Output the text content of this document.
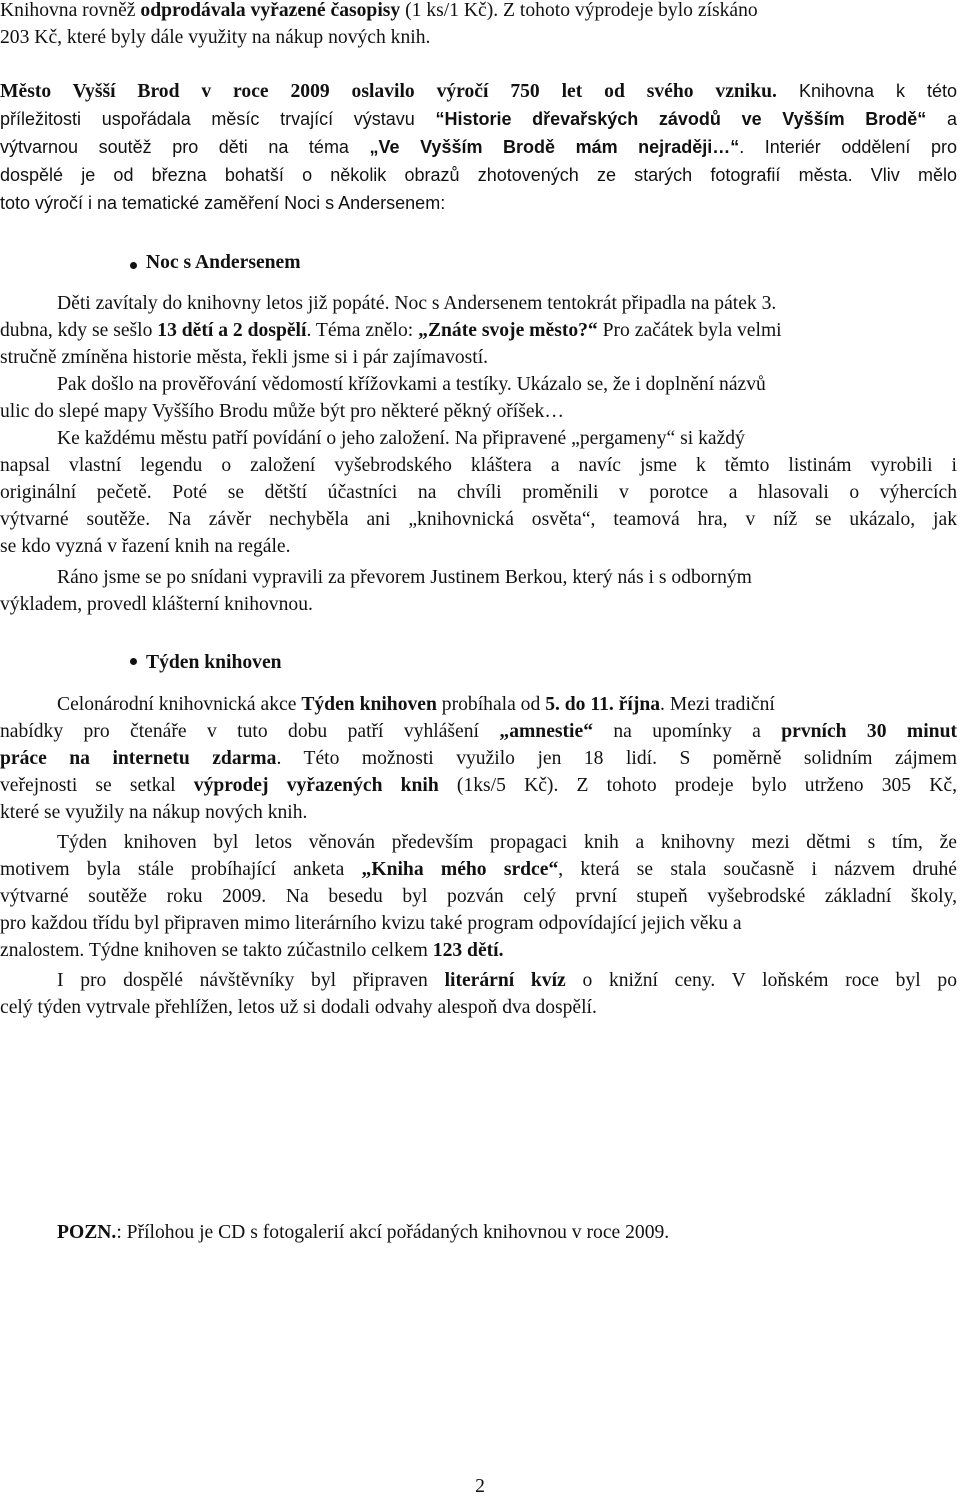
Knihovna rovněž odprodávala vyřazené časopisy (1 ks/1 Kč). Z tohoto výprodeje bylo získáno
203 Kč, které byly dále využity na nákup nových knih.
Město Vyšší Brod v roce 2009 oslavilo výročí 750 let od svého vzniku. Knihovna k této
příležitosti uspořádala měsíc trvající výstavu “Historie dřevařských závodů ve Vyšším Brodě“ a
výtvarnou soutěž pro děti na téma „Ve Vyšším Brodě mám nejraději…“. Interiér oddělení pro
dospělé je od března bohatší o několik obrazů zhotovených ze starých fotografií města. Vliv mělo
toto výročí i na tematické zaměření Noci s Andersenem:
Noc s Andersenem
Děti zavítaly do knihovny letos již popáté. Noc s Andersenem tentokrát připadla na pátek 3.
dubna, kdy se sešlo 13 dětí a 2 dospělí. Téma znělo: „Znáte svoje město?“ Pro začátek byla velmi
stručně zmíněna historie města, řekli jsme si i pár zajímavostí.
Pak došlo na prověřování vědomostí křížovkami a testíky. Ukázalo se, že i doplnění názvů
ulic do slepé mapy Vyššího Brodu může být pro některé pěkný oříšek…
Ke každému městu patří povídání o jeho založení. Na připravené „pergameny“ si každý
napsal vlastní legendu o založení vyšebrodského kláštera a navíc jsme k těmto listinám vyrobili i
originální pečetě. Poté se dětští účastníci na chvíli proměnili v porotce a hlasovali o výhercích
výtvarné soutěže. Na závěr nechyběla ani „knihovnická osvěta“, teamová hra, v níž se ukázalo, jak
se kdo vyzná v řazení knih na regále.
Ráno jsme se po snídani vypravili za převorem Justinem Berkou, který nás i s odborným
výkladem, provedl klášterní knihovnou.
Týden knihoven
Celonárodní knihovnická akce Týden knihoven probíhala od 5. do 11. října. Mezi tradiční
nabídky pro čtenáře v tuto dobu patří vyhlášení „amnestie“ na upomínky a prvních 30 minut
práce na internetu zdarma. Této možnosti využilo jen 18 lidí. S poměrně solidním zájmem
veřejnosti se setkal výprodej vyřazených knih (1ks/5 Kč). Z tohoto prodeje bylo utrženo 305 Kč,
které se využily na nákup nových knih.
Týden knihoven byl letos věnován především propagaci knih a knihovny mezi dětmi s tím, že
motivem byla stále probíhající anketa „Kniha mého srdce“, která se stala současně i názvem druhé
výtvarné soutěže roku 2009. Na besedu byl pozván celý první stupeň vyšebrodské základní školy,
pro každou třídu byl připraven mimo literárního kvizu také program odpovídající jejich věku a
znalostem. Týdne knihoven se takto zúčastnilo celkem 123 dětí.
I pro dospělé návštěvníky byl připraven literární kvíz o knižní ceny. V loňském roce byl po
celý týden vytrvale přehlížen, letos už si dodali odvahy alespoň dva dospělí.
POZN.: Přílohou je CD s fotogalerií akcí pořádaných knihovnou v roce 2009.
2
